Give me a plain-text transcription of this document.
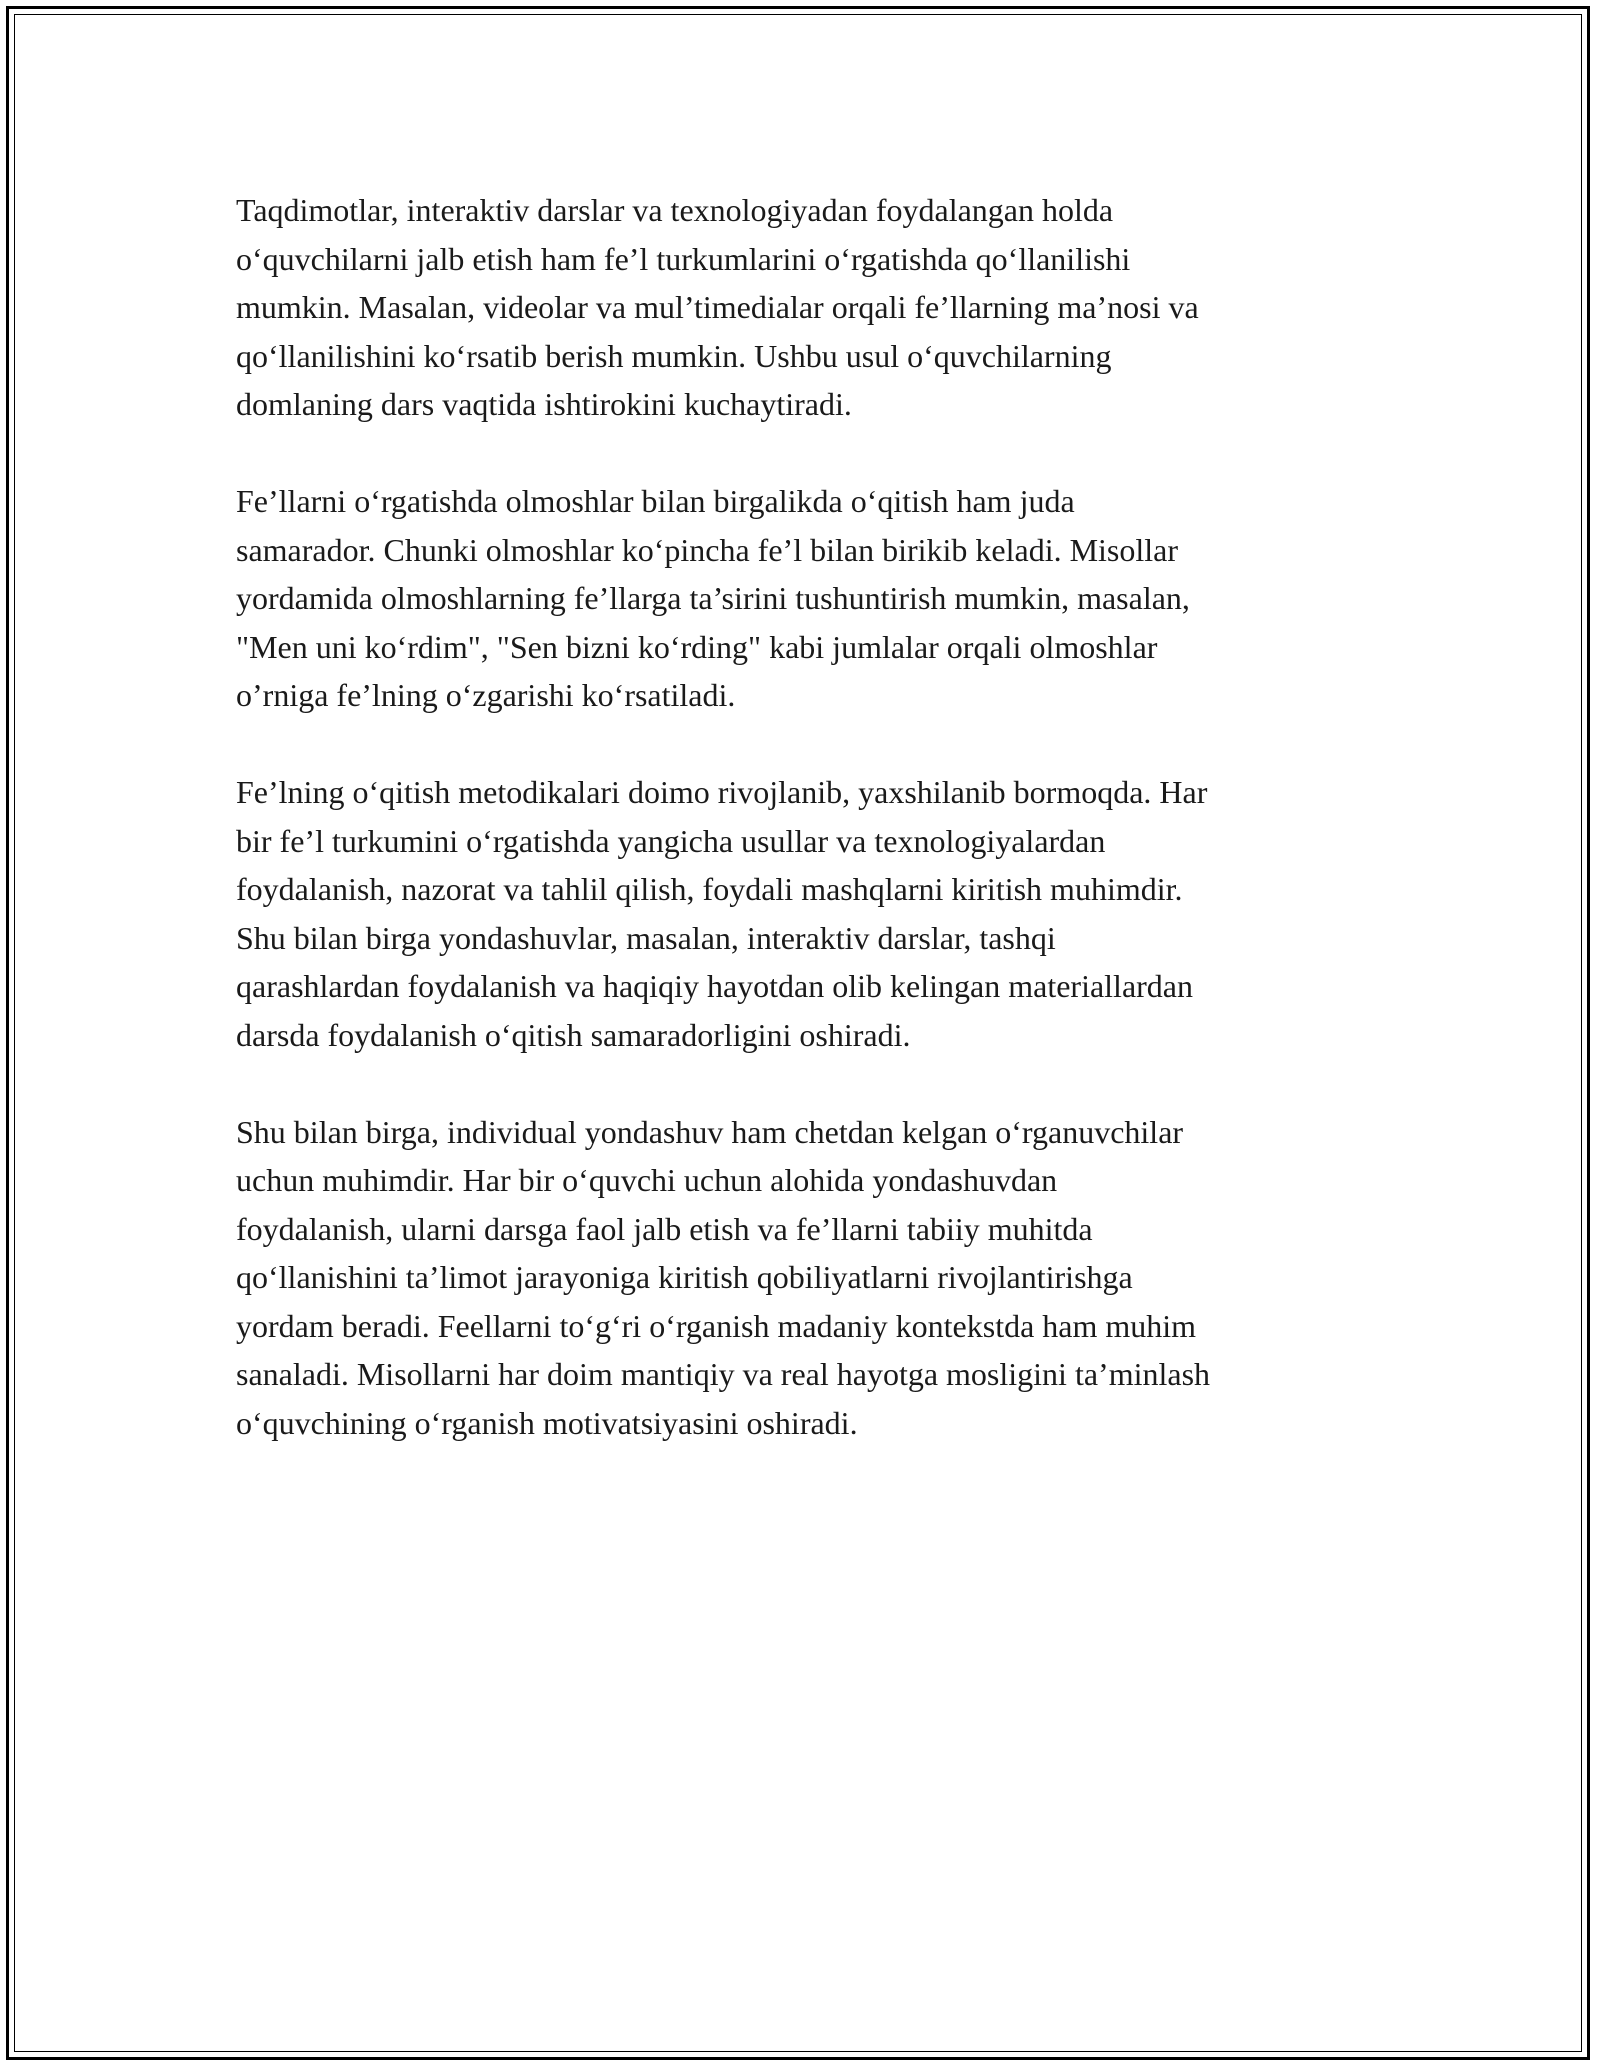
Taqdimotlar, interaktiv darslar va texnologiyadan foydalangan holda
o‘quvchilarni jalb etish ham fe’l turkumlarini o‘rgatishda qo‘llanilishi
mumkin. Masalan, videolar va mul’timedialar orqali fe’llarning ma’nosi va
qo‘llanilishini ko‘rsatib berish mumkin. Ushbu usul o‘quvchilarning
domlaning dars vaqtida ishtirokini kuchaytiradi.

Fe’llarni o‘rgatishda olmoshlar bilan birgalikda o‘qitish ham juda
samarador. Chunki olmoshlar ko‘pincha fe’l bilan birikib keladi. Misollar
yordamida olmoshlarning fe’llarga ta’sirini tushuntirish mumkin, masalan,
"Men uni ko‘rdim", "Sen bizni ko‘rding" kabi jumlalar orqali olmoshlar
o’rniga fe’lning o‘zgarishi ko‘rsatiladi.

Fe’lning o‘qitish metodikalari doimo rivojlanib, yaxshilanib bormoqda. Har
bir fe’l turkumini o‘rgatishda yangicha usullar va texnologiyalardan
foydalanish, nazorat va tahlil qilish, foydali mashqlarni kiritish muhimdir.
Shu bilan birga yondashuvlar, masalan, interaktiv darslar, tashqi
qarashlardan foydalanish va haqiqiy hayotdan olib kelingan materiallardan
darsda foydalanish o‘qitish samaradorligini oshiradi.

Shu bilan birga, individual yondashuv ham chetdan kelgan o‘rganuvchilar
uchun muhimdir. Har bir o‘quvchi uchun alohida yondashuvdan
foydalanish, ularni darsga faol jalb etish va fe’llarni tabiiy muhitda
qo‘llanishini ta’limot jarayoniga kiritish qobiliyatlarni rivojlantirishga
yordam beradi. Feellarni to‘g‘ri o‘rganish madaniy kontekstda ham muhim
sanaladi. Misollarni har doim mantiqiy va real hayotga mosligini ta’minlash
o‘quvchining o‘rganish motivatsiyasini oshiradi.
